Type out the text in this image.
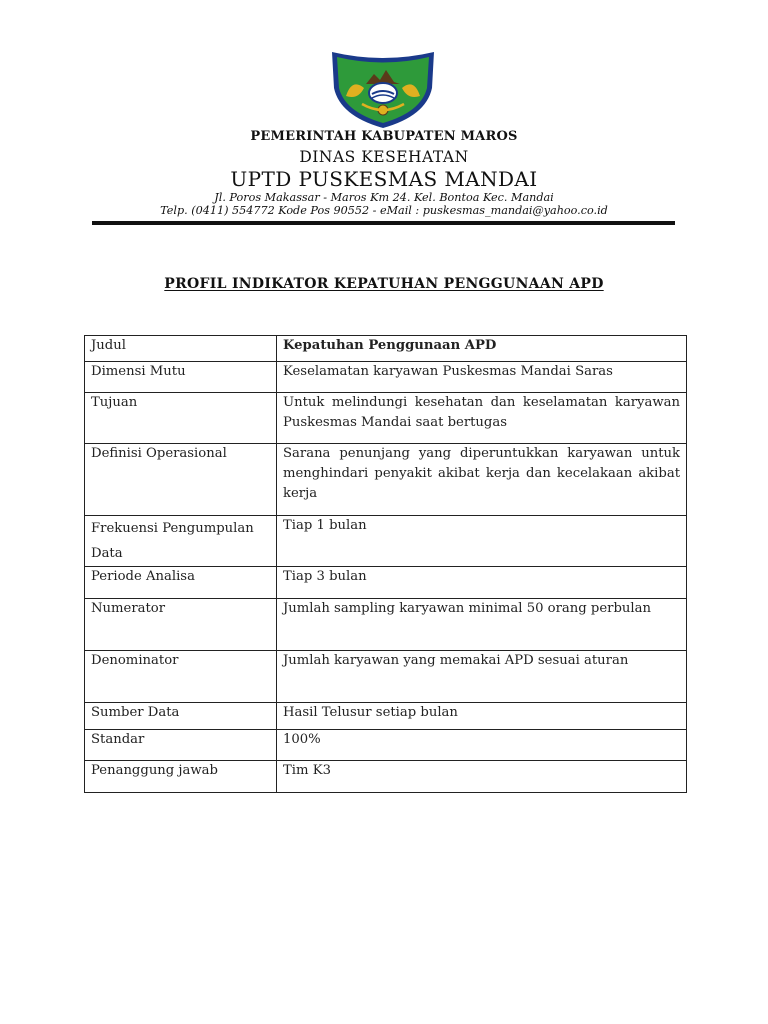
PEMERINTAH KABUPATEN MAROS
DINAS KESEHATAN
UPTD PUSKESMAS MANDAI
Jl. Poros Makassar - Maros Km 24. Kel. Bontoa Kec. Mandai
Telp. (0411) 554772 Kode Pos 90552 - eMail : puskesmas_mandai@yahoo.co.id
PROFIL INDIKATOR KEPATUHAN PENGGUNAAN APD
Judul	Kepatuhan Penggunaan APD
Dimensi Mutu	Keselamatan karyawan Puskesmas Mandai Saras
Tujuan	Untuk melindungi kesehatan dan keselamatan karyawan Puskesmas Mandai saat bertugas
Definisi Operasional	Sarana penunjang yang diperuntukkan karyawan untuk menghindari penyakit akibat kerja dan kecelakaan akibat kerja
Frekuensi Pengumpulan Data	Tiap 1 bulan
Periode Analisa	Tiap 3 bulan
Numerator	Jumlah sampling karyawan minimal 50 orang perbulan
Denominator	Jumlah karyawan yang memakai APD sesuai aturan
Sumber Data	Hasil Telusur setiap bulan
Standar	100%
Penanggung jawab	Tim K3
